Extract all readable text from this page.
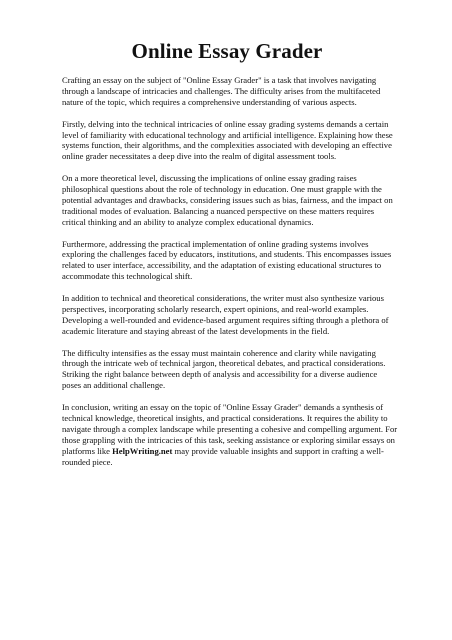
Online Essay Grader

Crafting an essay on the subject of "Online Essay Grader" is a task that involves navigating
through a landscape of intricacies and challenges. The difficulty arises from the multifaceted
nature of the topic, which requires a comprehensive understanding of various aspects.

Firstly, delving into the technical intricacies of online essay grading systems demands a certain
level of familiarity with educational technology and artificial intelligence. Explaining how these
systems function, their algorithms, and the complexities associated with developing an effective
online grader necessitates a deep dive into the realm of digital assessment tools.

On a more theoretical level, discussing the implications of online essay grading raises
philosophical questions about the role of technology in education. One must grapple with the
potential advantages and drawbacks, considering issues such as bias, fairness, and the impact on
traditional modes of evaluation. Balancing a nuanced perspective on these matters requires
critical thinking and an ability to analyze complex educational dynamics.

Furthermore, addressing the practical implementation of online grading systems involves
exploring the challenges faced by educators, institutions, and students. This encompasses issues
related to user interface, accessibility, and the adaptation of existing educational structures to
accommodate this technological shift.

In addition to technical and theoretical considerations, the writer must also synthesize various
perspectives, incorporating scholarly research, expert opinions, and real-world examples.
Developing a well-rounded and evidence-based argument requires sifting through a plethora of
academic literature and staying abreast of the latest developments in the field.

The difficulty intensifies as the essay must maintain coherence and clarity while navigating
through the intricate web of technical jargon, theoretical debates, and practical considerations.
Striking the right balance between depth of analysis and accessibility for a diverse audience
poses an additional challenge.

In conclusion, writing an essay on the topic of "Online Essay Grader" demands a synthesis of
technical knowledge, theoretical insights, and practical considerations. It requires the ability to
navigate through a complex landscape while presenting a cohesive and compelling argument. For
those grappling with the intricacies of this task, seeking assistance or exploring similar essays on
platforms like HelpWriting.net may provide valuable insights and support in crafting a well-
rounded piece.
